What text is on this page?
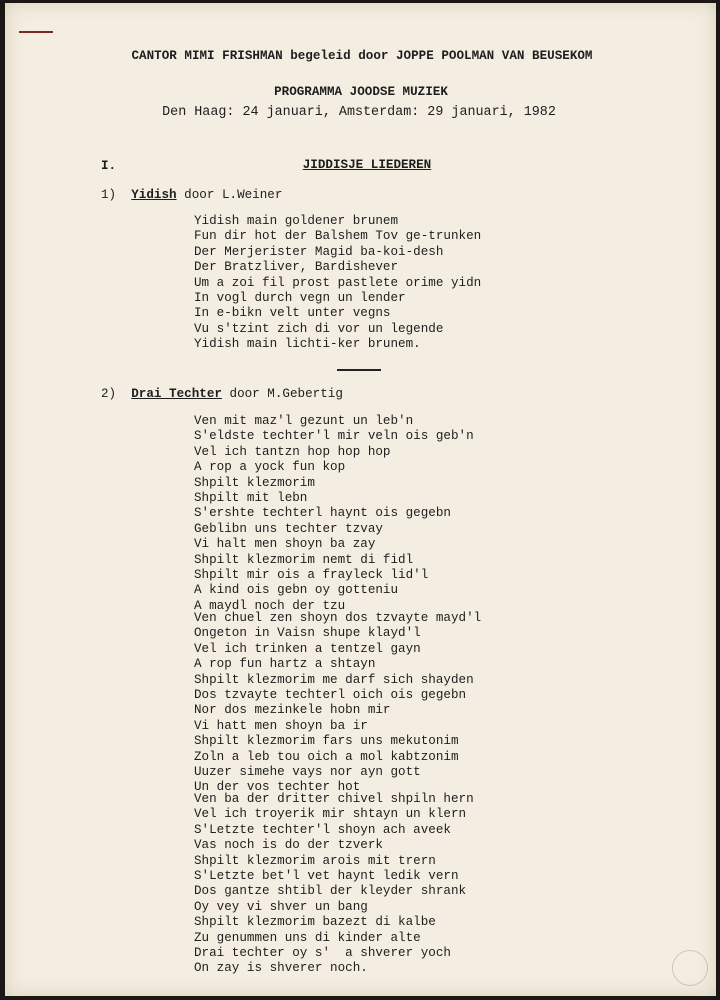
CANTOR MIMI FRISHMAN begeleid door JOPPE POOLMAN VAN BEUSEKOM
PROGRAMMA JOODSE MUZIEK
Den Haag: 24 januari, Amsterdam: 29 januari, 1982
I.	JIDDISJE LIEDEREN
1) Yidish door L.Weiner
Yidish main goldener brunem
Fun dir hot der Balshem Tov ge-trunken
Der Merjerister Magid ba-koi-desh
Der Bratzliver, Bardishever
Um a zoi fil prost pastlete orime yidn
In vogl durch vegn un lender
In e-bikn velt unter vegns
Vu s'tzint zich di vor un legende
Yidish main lichti-ker brunem.
2) Drai Techter door M.Gebertig
Ven mit maz'l gezunt un leb'n
S'eldste techter'l mir veln ois geb'n
Vel ich tantzn hop hop hop
A rop a yock fun kop
Shpilt klezmorim
Shpilt mit lebn
S'ershte techterl haynt ois gegebn
Geblibn uns techter tzvay
Vi halt men shoyn ba zay
Shpilt klezmorim nemt di fidl
Shpilt mir ois a frayleck lid'l
A kind ois gebn oy gotteniu
A maydl noch der tzu
Ven chuel zen shoyn dos tzvayte mayd'l
Ongeton in Vaisn shupe klayd'l
Vel ich trinken a tentzel gayn
A rop fun hartz a shtayn
Shpilt klezmorim me darf sich shayden
Dos tzvayte techterl oich ois gegebn
Nor dos mezinkele hobn mir
Vi hatt men shoyn ba ir
Shpilt klezmorim fars uns mekutonim
Zoln a leb tou oich a mol kabtzonim
Uuzer simehe vays nor ayn gott
Un der vos techter hot
Ven ba der dritter chivel shpiln hern
Vel ich troyerik mir shtayn un klern
S'Letzte techter'l shoyn ach aveek
Vas noch is do der tzverk
Shpilt klezmorim arois mit trern
S'Letzte bet'l vet haynt ledik vern
Dos gantze shtibl der kleyder shrank
Oy vey vi shver un bang
Shpilt klezmorim bazezt di kalbe
Zu genummen uns di kinder alte
Drai techter oy s'  a shverer yoch
On zay is shverer noch.
